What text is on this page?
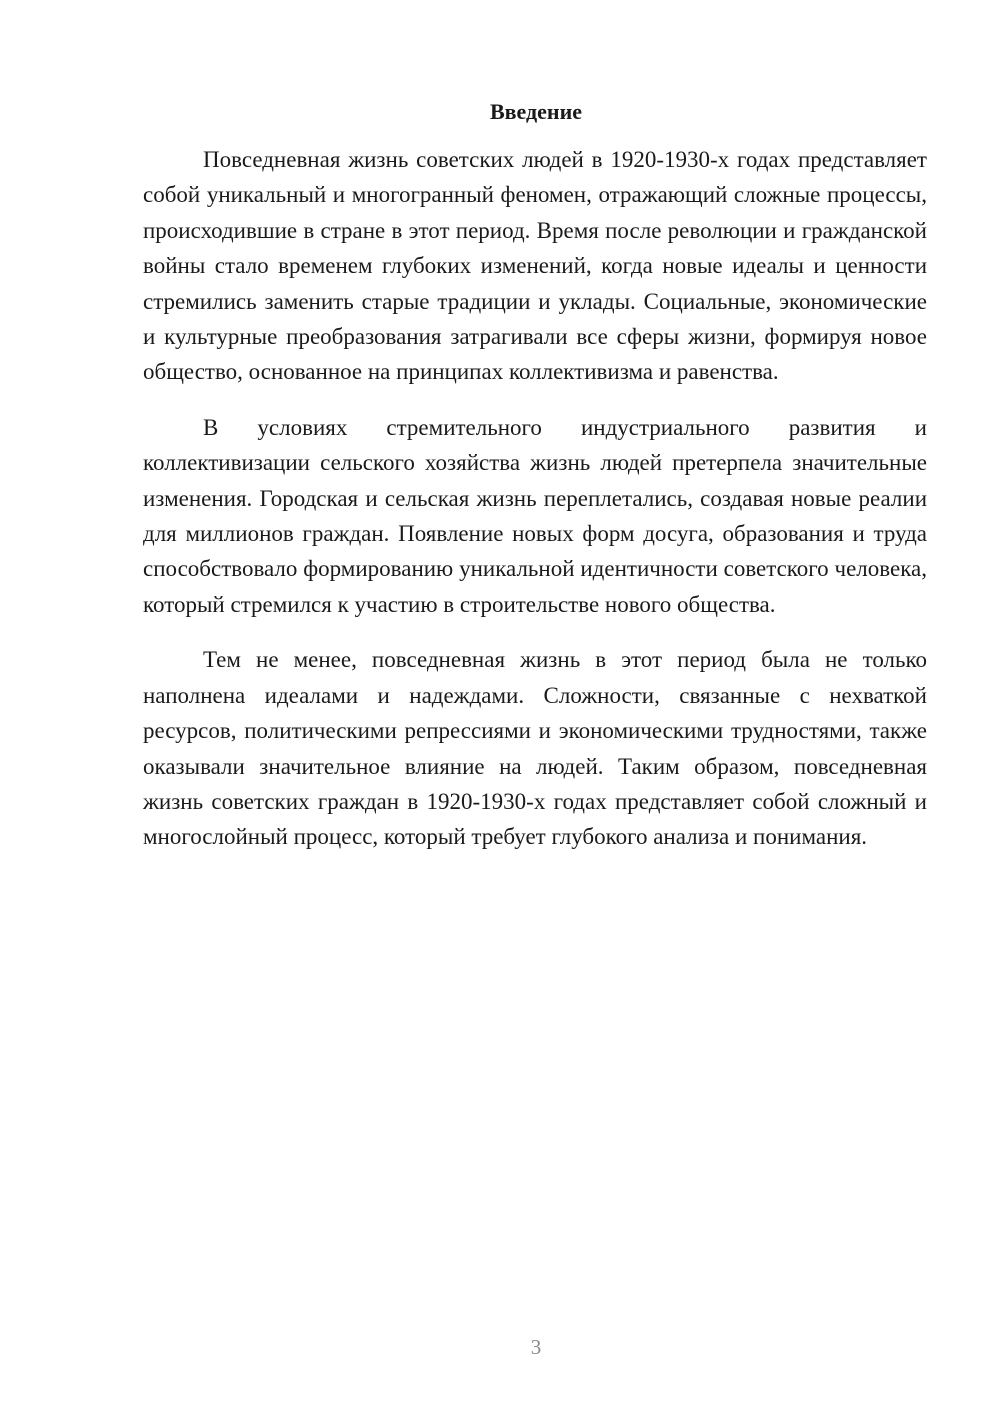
Введение

Повседневная жизнь советских людей в 1920-1930-х годах представляет собой уникальный и многогранный феномен, отражающий сложные процессы, происходившие в стране в этот период. Время после революции и гражданской войны стало временем глубоких изменений, когда новые идеалы и ценности стремились заменить старые традиции и уклады. Социальные, экономические и культурные преобразования затрагивали все сферы жизни, формируя новое общество, основанное на принципах коллективизма и равенства.

В условиях стремительного индустриального развития и коллективизации сельского хозяйства жизнь людей претерпела значительные изменения. Городская и сельская жизнь переплетались, создавая новые реалии для миллионов граждан. Появление новых форм досуга, образования и труда способствовало формированию уникальной идентичности советского человека, который стремился к участию в строительстве нового общества.

Тем не менее, повседневная жизнь в этот период была не только наполнена идеалами и надеждами. Сложности, связанные с нехваткой ресурсов, политическими репрессиями и экономическими трудностями, также оказывали значительное влияние на людей. Таким образом, повседневная жизнь советских граждан в 1920-1930-х годах представляет собой сложный и многослойный процесс, который требует глубокого анализа и понимания.

3
